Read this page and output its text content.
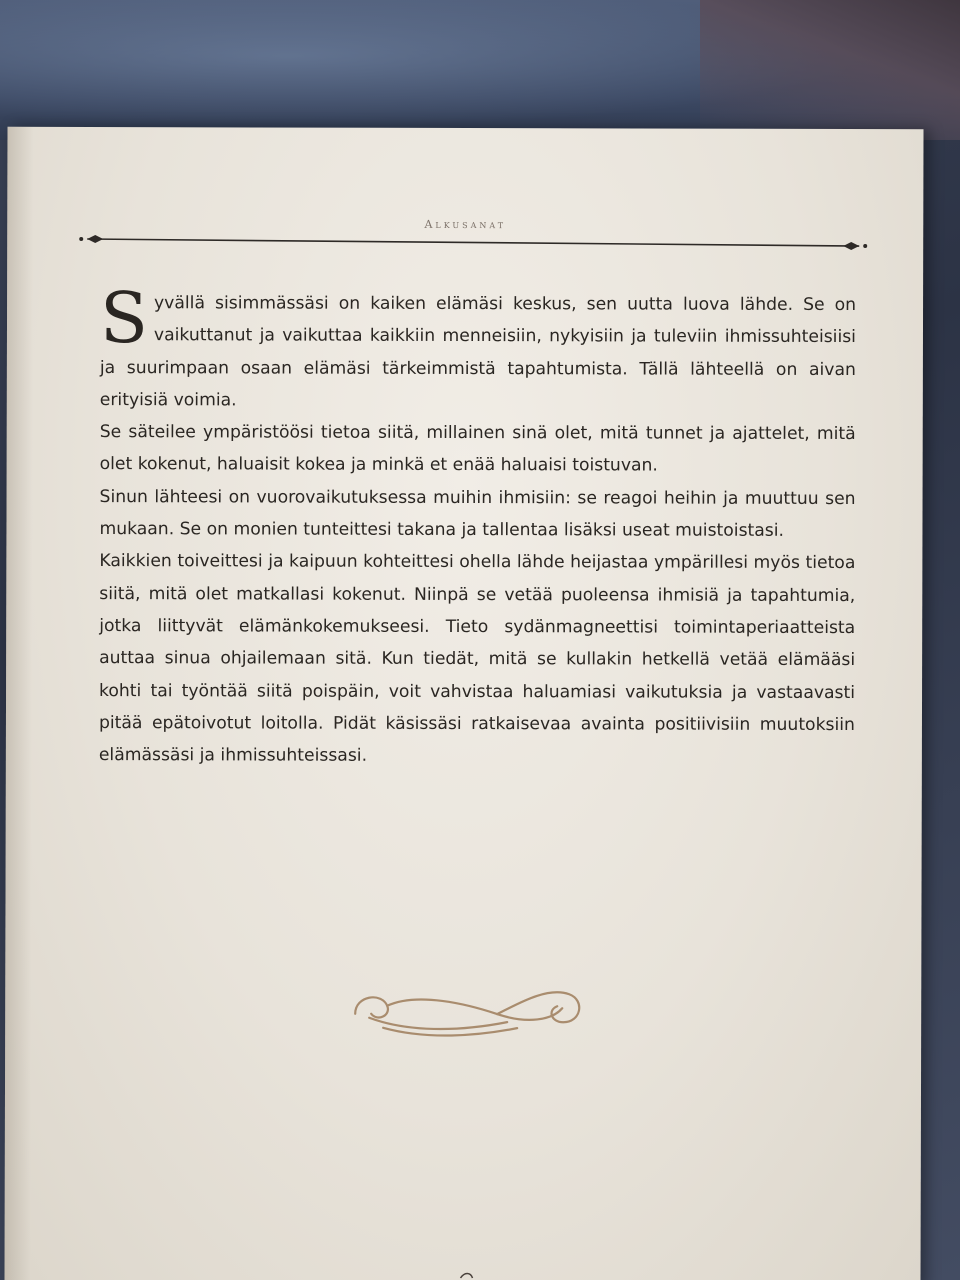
Alkusanat

Syvällä sisimmässäsi on kaiken elämäsi keskus, sen uutta luova lähde. Se on vaikuttanut ja vaikuttaa kaikkiin menneisiin, nykyisiin ja tuleviin ihmissuhteisiisi ja suurimpaan osaan elämäsi tärkeimmistä tapahtumista. Tällä lähteellä on aivan erityisiä voimia.

Se säteilee ympäristöösi tietoa siitä, millainen sinä olet, mitä tunnet ja ajattelet, mitä olet kokenut, haluaisit kokea ja minkä et enää haluaisi toistuvan.

Sinun lähteesi on vuorovaikutuksessa muihin ihmisiin: se reagoi heihin ja muuttuu sen mukaan. Se on monien tunteittesi takana ja tallentaa lisäksi useat muistoistasi.

Kaikkien toiveittesi ja kaipuun kohteittesi ohella lähde heijastaa ympärillesi myös tietoa siitä, mitä olet matkallasi kokenut. Niinpä se vetää puoleensa ihmisiä ja tapahtumia, jotka liittyvät elämänkokemukseesi. Tieto sydänmagneettisi toimintaperiaatteista auttaa sinua ohjailemaan sitä. Kun tiedät, mitä se kullakin hetkellä vetää elämääsi kohti tai työntää siitä poispäin, voit vahvistaa haluamiasi vaikutuksia ja vastaavasti pitää epätoivotut loitolla. Pidät käsissäsi ratkaisevaa avainta positiivisiin muutoksiin elämässäsi ja ihmissuhteissasi.
